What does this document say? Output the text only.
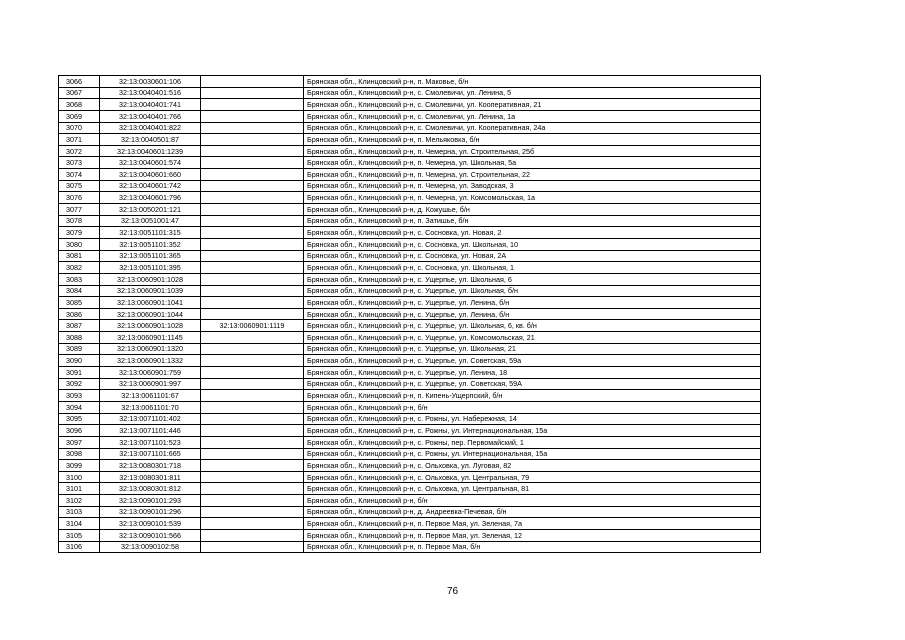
3066	32:13:0030601:106		Брянская обл., Клинцовский р-н, п. Маковье, б/н
3067	32:13:0040401:516		Брянская обл., Клинцовский р-н, с. Смолевичи, ул. Ленина, 5
3068	32:13:0040401:741		Брянская обл., Клинцовский р-н, с. Смолевичи, ул. Кооперативная, 21
3069	32:13:0040401:766		Брянская обл., Клинцовский р-н, с. Смолевичи, ул. Ленина, 1а
3070	32:13:0040401:822		Брянская обл., Клинцовский р-н, с. Смолевичи, ул. Кооперативная, 24а
3071	32:13:0040501:87		Брянская обл., Клинцовский р-н, п. Мельяковка, б/н
3072	32:13:0040601:1239		Брянская обл., Клинцовский р-н, п. Чемерна, ул. Строительная, 25б
3073	32:13:0040601:574		Брянская обл., Клинцовский р-н, п. Чемерна, ул. Школьная, 5а
3074	32:13:0040601:660		Брянская обл., Клинцовский р-н, п. Чемерна, ул. Строительная, 22
3075	32:13:0040601:742		Брянская обл., Клинцовский р-н, п. Чемерна, ул. Заводская, 3
3076	32:13:0040601:796		Брянская обл., Клинцовский р-н, п. Чемерна, ул. Комсомольская, 1а
3077	32:13:0050201:121		Брянская обл., Клинцовский р-н, д. Кожушье, б/н
3078	32:13:0051001:47		Брянская обл., Клинцовский р-н, п. Затишье, б/н
3079	32:13:0051101:315		Брянская обл., Клинцовский р-н, с. Сосновка, ул. Новая, 2
3080	32:13:0051101:352		Брянская обл., Клинцовский р-н, с. Сосновка, ул. Школьная, 10
3081	32:13:0051101:365		Брянская обл., Клинцовский р-н, с. Сосновка, ул. Новая, 2А
3082	32:13:0051101:395		Брянская обл., Клинцовский р-н, с. Сосновка, ул. Школьная, 1
3083	32:13:0060901:1028		Брянская обл., Клинцовский р-н, с. Ущерпье, ул. Школьная, 6
3084	32:13:0060901:1039		Брянская обл., Клинцовский р-н, с. Ущерпье, ул. Школьная, б/н
3085	32:13:0060901:1041		Брянская обл., Клинцовский р-н, с. Ущерпье, ул. Ленина, б/н
3086	32:13:0060901:1044		Брянская обл., Клинцовский р-н, с. Ущерпье, ул. Ленина, б/н
3087	32:13:0060901:1028	32:13:0060901:1119	Брянская обл., Клинцовский р-н, с. Ущерпье, ул. Школьная, 6, кв. б/н
3088	32:13:0060901:1145		Брянская обл., Клинцовский р-н, с. Ущерпье, ул. Комсомольская, 21
3089	32:13:0060901:1320		Брянская обл., Клинцовский р-н, с. Ущерпье, ул. Школьная, 21
3090	32:13:0060901:1332		Брянская обл., Клинцовский р-н, с. Ущерпье, ул. Советская, 59а
3091	32:13:0060901:759		Брянская обл., Клинцовский р-н, с. Ущерпье, ул. Ленина, 18
3092	32:13:0060901:997		Брянская обл., Клинцовский р-н, с. Ущерпье, ул. Советская, 59А
3093	32:13:0061101:67		Брянская обл., Клинцовский р-н, п. Кипень-Ущерпский, б/н
3094	32:13:0061101:70		Брянская обл., Клинцовский р-н, б/н
3095	32:13:0071101:402		Брянская обл., Клинцовский р-н, с. Рожны, ул. Набережная, 14
3096	32:13:0071101:446		Брянская обл., Клинцовский р-н, с. Рожны, ул. Интернациональная, 15а
3097	32:13:0071101:523		Брянская обл., Клинцовский р-н, с. Рожны, пер. Первомайский, 1
3098	32:13:0071101:665		Брянская обл., Клинцовский р-н, с. Рожны, ул. Интернациональная, 15а
3099	32:13:0080301:718		Брянская обл., Клинцовский р-н, с. Ольховка, ул. Луговая, 82
3100	32:13:0080301:811		Брянская обл., Клинцовский р-н, с. Ольховка, ул. Центральная, 79
3101	32:13:0080301:812		Брянская обл., Клинцовский р-н, с. Ольховка, ул. Центральная, 81
3102	32:13:0090101:293		Брянская обл., Клинцовский р-н, б/н
3103	32:13:0090101:296		Брянская обл., Клинцовский р-н, д. Андреевка-Печевая, б/н
3104	32:13:0090101:539		Брянская обл., Клинцовский р-н, п. Первое Мая, ул. Зеленая, 7а
3105	32:13:0090101:566		Брянская обл., Клинцовский р-н, п. Первое Мая, ул. Зеленая, 12
3106	32:13:0090102:58		Брянская обл., Клинцовский р-н, п. Первое Мая, б/н
76
